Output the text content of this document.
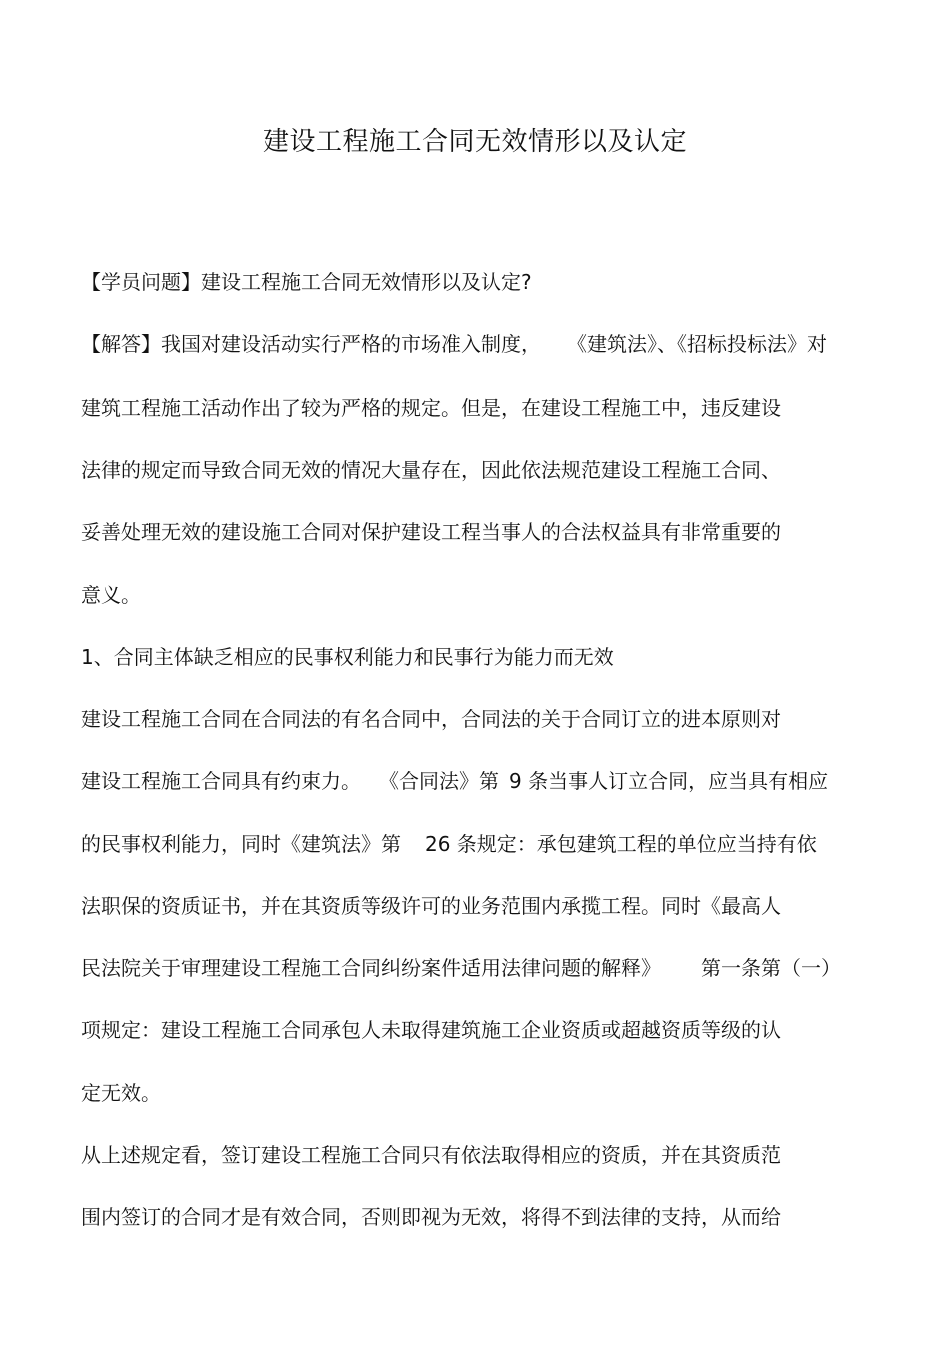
建设工程施工合同无效情形以及认定
【学员问题】建设工程施工合同无效情形以及认定?
【解答】我国对建设活动实行严格的市场准入制度， 《建筑法》、《招标投标法》对
建筑工程施工活动作出了较为严格的规定。但是，在建设工程施工中，违反建设
法律的规定而导致合同无效的情况大量存在，因此依法规范建设工程施工合同、
妥善处理无效的建设施工合同对保护建设工程当事人的合法权益具有非常重要的
意义。
1、合同主体缺乏相应的民事权利能力和民事行为能力而无效
建设工程施工合同在合同法的有名合同中，合同法的关于合同订立的进本原则对
建设工程施工合同具有约束力。 《合同法》第 9 条当事人订立合同，应当具有相应
的民事权利能力，同时《建筑法》第 26 条规定：承包建筑工程的单位应当持有依
法职保的资质证书，并在其资质等级许可的业务范围内承揽工程。同时《最高人
民法院关于审理建设工程施工合同纠纷案件适用法律问题的解释》 第一条第（一）
项规定：建设工程施工合同承包人未取得建筑施工企业资质或超越资质等级的认
定无效。
从上述规定看，签订建设工程施工合同只有依法取得相应的资质，并在其资质范
围内签订的合同才是有效合同，否则即视为无效，将得不到法律的支持，从而给
